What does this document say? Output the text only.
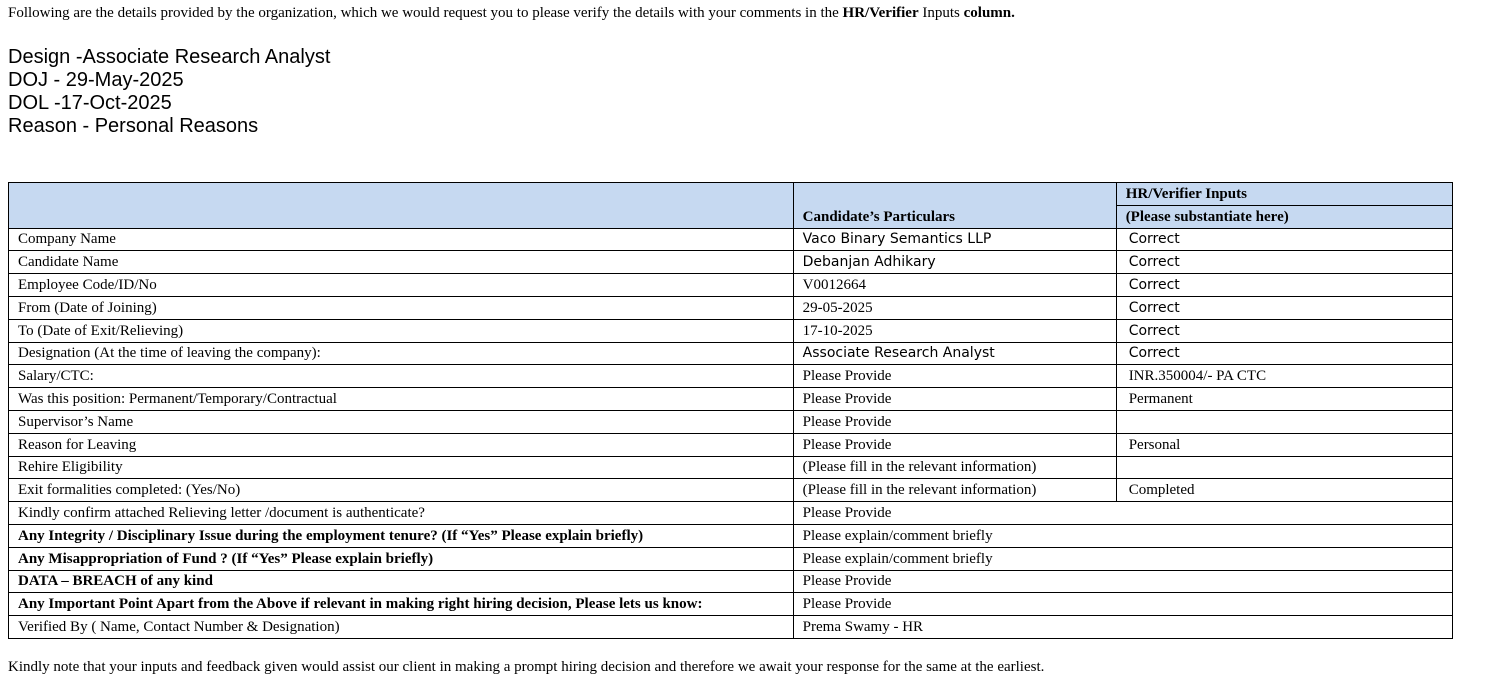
Following are the details provided by the organization, which we would request you to please verify the details with your comments in the HR/Verifier Inputs column.
Design -Associate Research Analyst
DOJ - 29-May-2025
DOL -17-Oct-2025
Reason - Personal Reasons
	Candidate’s Particulars	HR/Verifier Inputs
		(Please substantiate here)
Company Name	Vaco Binary Semantics LLP	Correct
Candidate Name	Debanjan Adhikary	Correct
Employee Code/ID/No	V0012664	Correct
From (Date of Joining)	29-05-2025	Correct
To (Date of Exit/Relieving)	17-10-2025	Correct
Designation (At the time of leaving the company):	Associate Research Analyst	Correct
Salary/CTC:	Please Provide	INR.350004/- PA CTC
Was this position: Permanent/Temporary/Contractual	Please Provide	Permanent
Supervisor’s Name	Please Provide	
Reason for Leaving	Please Provide	Personal
Rehire Eligibility	(Please fill in the relevant information)	
Exit formalities completed: (Yes/No)	(Please fill in the relevant information)	Completed
Kindly confirm attached Relieving letter /document is authenticate?	Please Provide	
Any Integrity / Disciplinary Issue during the employment tenure? (If “Yes” Please explain briefly)	Please explain/comment briefly	
Any Misappropriation of Fund ? (If “Yes” Please explain briefly)	Please explain/comment briefly	
DATA – BREACH of any kind	Please Provide	
Any Important Point Apart from the Above if relevant in making right hiring decision, Please lets us know:	Please Provide	
Verified By ( Name, Contact Number & Designation)	Prema Swamy - HR	
Kindly note that your inputs and feedback given would assist our client in making a prompt hiring decision and therefore we await your response for the same at the earliest.
